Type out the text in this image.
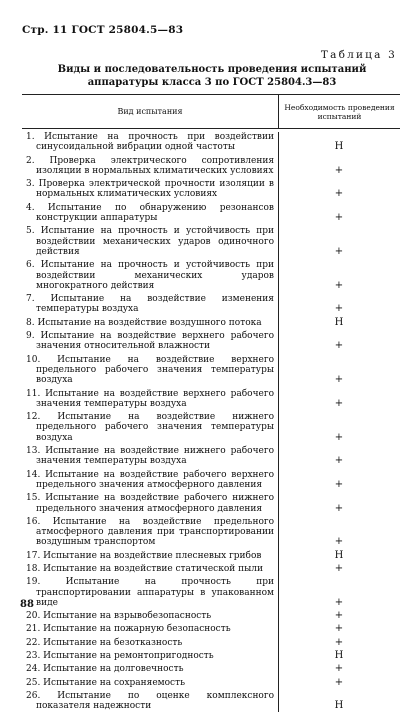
Стр. 11 ГОСТ 25804.5—83
Таблица 3
Виды и последовательность проведения испытаний аппаратуры класса 3 по ГОСТ 25804.3—83
Вид испытания	Необходимость проведения испытаний
1. Испытание на прочность при воздействии синусоидальной вибрации одной частоты	Н
2. Проверка электрического сопротивления изоляции в нормальных климатических условиях	+
3. Проверка электрической прочности изоляции в нормальных климатических условиях	+
4. Испытание по обнаружению резонансов конструкции аппаратуры	+
5. Испытание на прочность и устойчивость при воздействии механических ударов одиночного действия	+
6. Испытание на прочность и устойчивость при воздействии механических ударов многократного действия	+
7. Испытание на воздействие изменения температуры воздуха	+
8. Испытание на воздействие воздушного потока	Н
9. Испытание на воздействие верхнего рабочего значения относительной влажности	+
10. Испытание на воздействие верхнего предельного рабочего значения температуры воздуха	+
11. Испытание на воздействие верхнего рабочего значения температуры воздуха	+
12. Испытание на воздействие нижнего предельного рабочего значения температуры воздуха	+
13. Испытание на воздействие нижнего рабочего значения температуры воздуха	+
14. Испытание на воздействие рабочего верхнего предельного значения атмосферного давления	+
15. Испытание на воздействие рабочего нижнего предельного значения атмосферного давления	+
16. Испытание на воздействие предельного атмосферного давления при транспортировании воздушным транспортом	+
17. Испытание на воздействие плесневых грибов	Н
18. Испытание на воздействие статической пыли	+
19. Испытание на прочность при транспортировании аппаратуры в упакованном виде	+
20. Испытание на взрывобезопасность	+
21. Испытание на пожарную безопасность	+
22. Испытание на безотказность	+
23. Испытание на ремонтопригодность	Н
24. Испытание на долговечность	+
25. Испытание на сохраняемость	+
26. Испытание по оценке комплексного показателя надежности	Н
88
